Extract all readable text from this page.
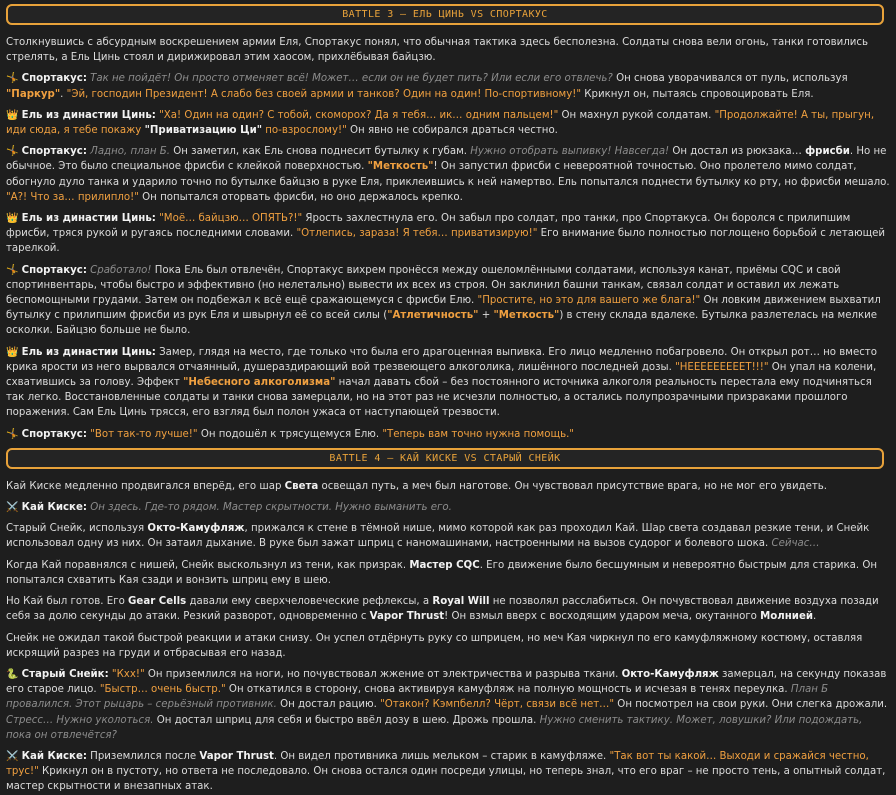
BATTLE 3 – ЕЛЬ ЦИНЬ VS СПОРТАКУС

Столкнувшись с абсурдным воскрешением армии Еля, Спортакус понял, что обычная тактика здесь бесполезна. Солдаты снова вели огонь, танки готовились стрелять, а Ель Цинь стоял и дирижировал этим хаосом, прихлёбывая байцзю.

🤸 Спортакус: Так не пойдёт! Он просто отменяет всё! Может… если он не будет пить? Или если его отвлечь? Он снова уворачивался от пуль, используя "Паркур". "Эй, господин Президент! А слабо без своей армии и танков? Один на один! По-спортивному!" Крикнул он, пытаясь спровоцировать Еля.

👑 Ель из династии Цинь: "Ха! Один на один? С тобой, скоморох? Да я тебя… ик… одним пальцем!" Он махнул рукой солдатам. "Продолжайте! А ты, прыгун, иди сюда, я тебе покажу "Приватизацию Ци" по-взрослому!" Он явно не собирался драться честно.

🤸 Спортакус: Ладно, план Б. Он заметил, как Ель снова поднесит бутылку к губам. Нужно отобрать выпивку! Навсегда! Он достал из рюкзака… фрисби. Но не обычное. Это было специальное фрисби с клейкой поверхностью. "Меткость"! Он запустил фрисби с невероятной точностью. Оно пролетело мимо солдат, обогнуло дуло танка и ударило точно по бутылке байцзю в руке Еля, приклеившись к ней намертво. Ель попытался поднести бутылку ко рту, но фрисби мешало. "А?! Что за… прилипло!" Он попытался оторвать фрисби, но оно держалось крепко.

👑 Ель из династии Цинь: "Моё… байцзю… ОПЯТЬ?!" Ярость захлестнула его. Он забыл про солдат, про танки, про Спортакуса. Он боролся с прилипшим фрисби, тряся рукой и ругаясь последними словами. "Отлепись, зараза! Я тебя… приватизирую!" Его внимание было полностью поглощено борьбой с летающей тарелкой.

🤸 Спортакус: Сработало! Пока Ель был отвлечён, Спортакус вихрем пронёсся между ошеломлёнными солдатами, используя канат, приёмы CQC и свой спортинвентарь, чтобы быстро и эффективно (но нелетально) вывести их всех из строя. Он заклинил башни танкам, связал солдат и оставил их лежать беспомощными грудами. Затем он подбежал к всё ещё сражающемуся с фрисби Елю. "Простите, но это для вашего же блага!" Он ловким движением выхватил бутылку с прилипшим фрисби из рук Еля и швырнул её со всей силы ("Атлетичность" + "Меткость") в стену склада вдалеке. Бутылка разлетелась на мелкие осколки. Байцзю больше не было.

👑 Ель из династии Цинь: Замер, глядя на место, где только что была его драгоценная выпивка. Его лицо медленно побагровело. Он открыл рот… но вместо крика ярости из него вырвался отчаянный, душераздирающий вой трезвеющего алкоголика, лишённого последней дозы. "НЕЕЕЕЕЕЕЕЕТ!!!" Он упал на колени, схватившись за голову. Эффект "Небесного алкоголизма" начал давать сбой – без постоянного источника алкоголя реальность перестала ему подчиняться так легко. Восстановленные солдаты и танки снова замерцали, но на этот раз не исчезли полностью, а остались полупрозрачными призраками прошлого поражения. Сам Ель Цинь трясся, его взгляд был полон ужаса от наступающей трезвости.

🤸 Спортакус: "Вот так-то лучше!" Он подошёл к трясущемуся Елю. "Теперь вам точно нужна помощь."

BATTLE 4 – КАЙ КИСКЕ VS СТАРЫЙ СНЕЙК

Кай Киске медленно продвигался вперёд, его шар Света освещал путь, а меч был наготове. Он чувствовал присутствие врага, но не мог его увидеть.

⚔️ Кай Киске: Он здесь. Где-то рядом. Мастер скрытности. Нужно выманить его.

Старый Снейк, используя Окто-Камуфляж, прижался к стене в тёмной нише, мимо которой как раз проходил Кай. Шар света создавал резкие тени, и Снейк использовал одну из них. Он затаил дыхание. В руке был зажат шприц с наномашинами, настроенными на вызов судорог и болевого шока. Сейчас…

Когда Кай поравнялся с нишей, Снейк выскользнул из тени, как призрак. Мастер CQC. Его движение было бесшумным и невероятно быстрым для старика. Он попытался схватить Кая сзади и вонзить шприц ему в шею.

Но Кай был готов. Его Gear Cells давали ему сверхчеловеческие рефлексы, а Royal Will не позволял расслабиться. Он почувствовал движение воздуха позади себя за долю секунды до атаки. Резкий разворот, одновременно с Vapor Thrust! Он взмыл вверх с восходящим ударом меча, окутанного Молнией.

Снейк не ожидал такой быстрой реакции и атаки снизу. Он успел отдёрнуть руку со шприцем, но меч Кая чиркнул по его камуфляжному костюму, оставляя искрящий разрез на груди и отбрасывая его назад.

🐍 Старый Снейк: "Кхх!" Он приземлился на ноги, но почувствовал жжение от электричества и разрыва ткани. Окто-Камуфляж замерцал, на секунду показав его старое лицо. "Быстр… очень быстр." Он откатился в сторону, снова активируя камуфляж на полную мощность и исчезая в тенях переулка. План Б провалился. Этот рыцарь – серьёзный противник. Он достал рацию. "Отакон? Кэмпбелл? Чёрт, связи всё нет…" Он посмотрел на свои руки. Они слегка дрожали. Стресс… Нужно уколоться. Он достал шприц для себя и быстро ввёл дозу в шею. Дрожь прошла. Нужно сменить тактику. Может, ловушки? Или подождать, пока он отвлечётся?

⚔️ Кай Киске: Приземлился после Vapor Thrust. Он видел противника лишь мельком – старик в камуфляже. "Так вот ты какой… Выходи и сражайся честно, трус!" Крикнул он в пустоту, но ответа не последовало. Он снова остался один посреди улицы, но теперь знал, что его враг – не просто тень, а опытный солдат, мастер скрытности и внезапных атак.
